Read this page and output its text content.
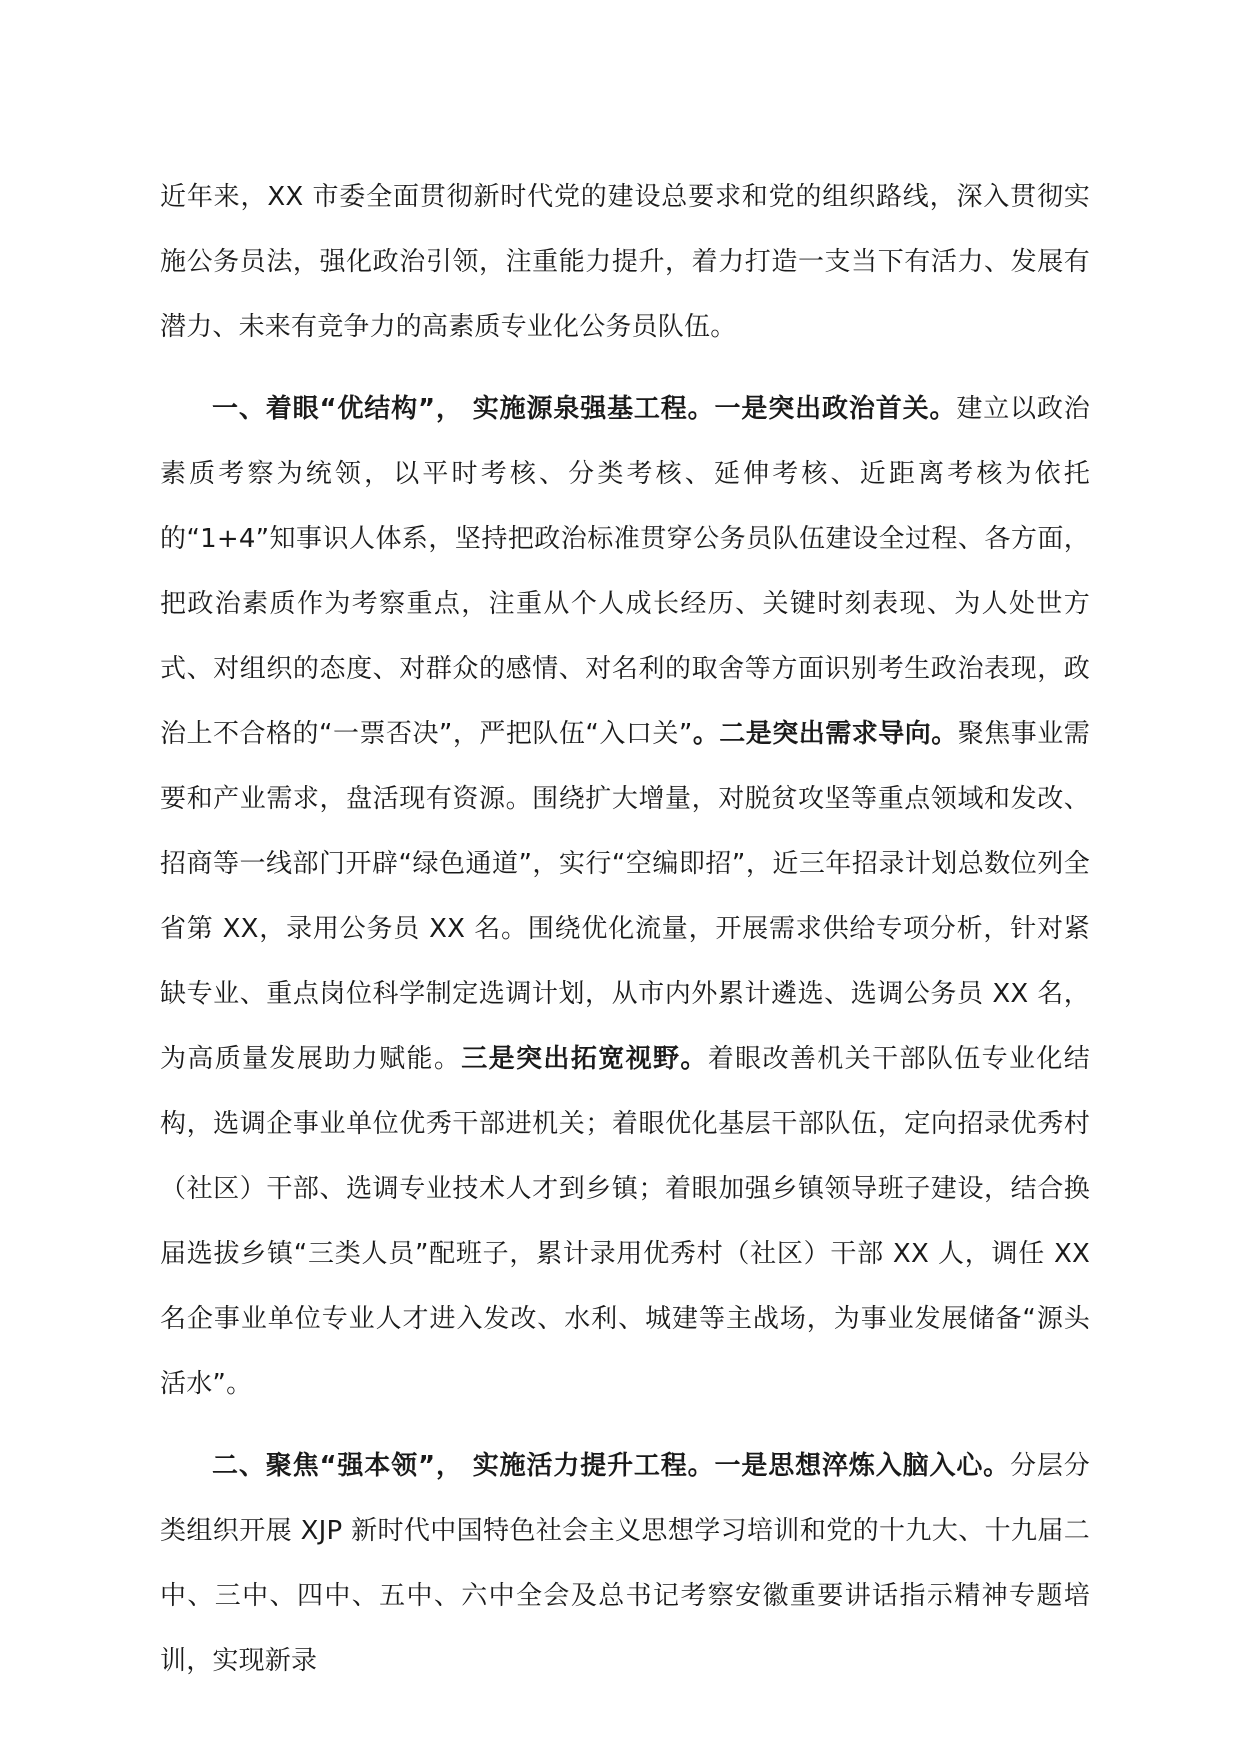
近年来，XX 市委全面贯彻新时代党的建设总要求和党的组织路线，深入贯彻实施公务员法，强化政治引领，注重能力提升，着力打造一支当下有活力、发展有潜力、未来有竞争力的高素质专业化公务员队伍。

一、着眼“优结构”， 实施源泉强基工程。一是突出政治首关。建立以政治素质考察为统领，以平时考核、分类考核、延伸考核、近距离考核为依托的“1+4”知事识人体系，坚持把政治标准贯穿公务员队伍建设全过程、各方面，把政治素质作为考察重点，注重从个人成长经历、关键时刻表现、为人处世方式、对组织的态度、对群众的感情、对名利的取舍等方面识别考生政治表现，政治上不合格的“一票否决”，严把队伍“入口关”。二是突出需求导向。聚焦事业需要和产业需求，盘活现有资源。围绕扩大增量，对脱贫攻坚等重点领域和发改、招商等一线部门开辟“绿色通道”，实行“空编即招”，近三年招录计划总数位列全省第 XX，录用公务员 XX 名。围绕优化流量，开展需求供给专项分析，针对紧缺专业、重点岗位科学制定选调计划，从市内外累计遴选、选调公务员 XX 名，为高质量发展助力赋能。三是突出拓宽视野。着眼改善机关干部队伍专业化结构，选调企事业单位优秀干部进机关；着眼优化基层干部队伍，定向招录优秀村（社区）干部、选调专业技术人才到乡镇；着眼加强乡镇领导班子建设，结合换届选拔乡镇“三类人员”配班子，累计录用优秀村（社区）干部 XX 人，调任 XX 名企事业单位专业人才进入发改、水利、城建等主战场，为事业发展储备“源头活水”。

二、聚焦“强本领”， 实施活力提升工程。一是思想淬炼入脑入心。分层分类组织开展 XJP 新时代中国特色社会主义思想学习培训和党的十九大、十九届二中、三中、四中、五中、六中全会及总书记考察安徽重要讲话指示精神专题培训，实现新录
